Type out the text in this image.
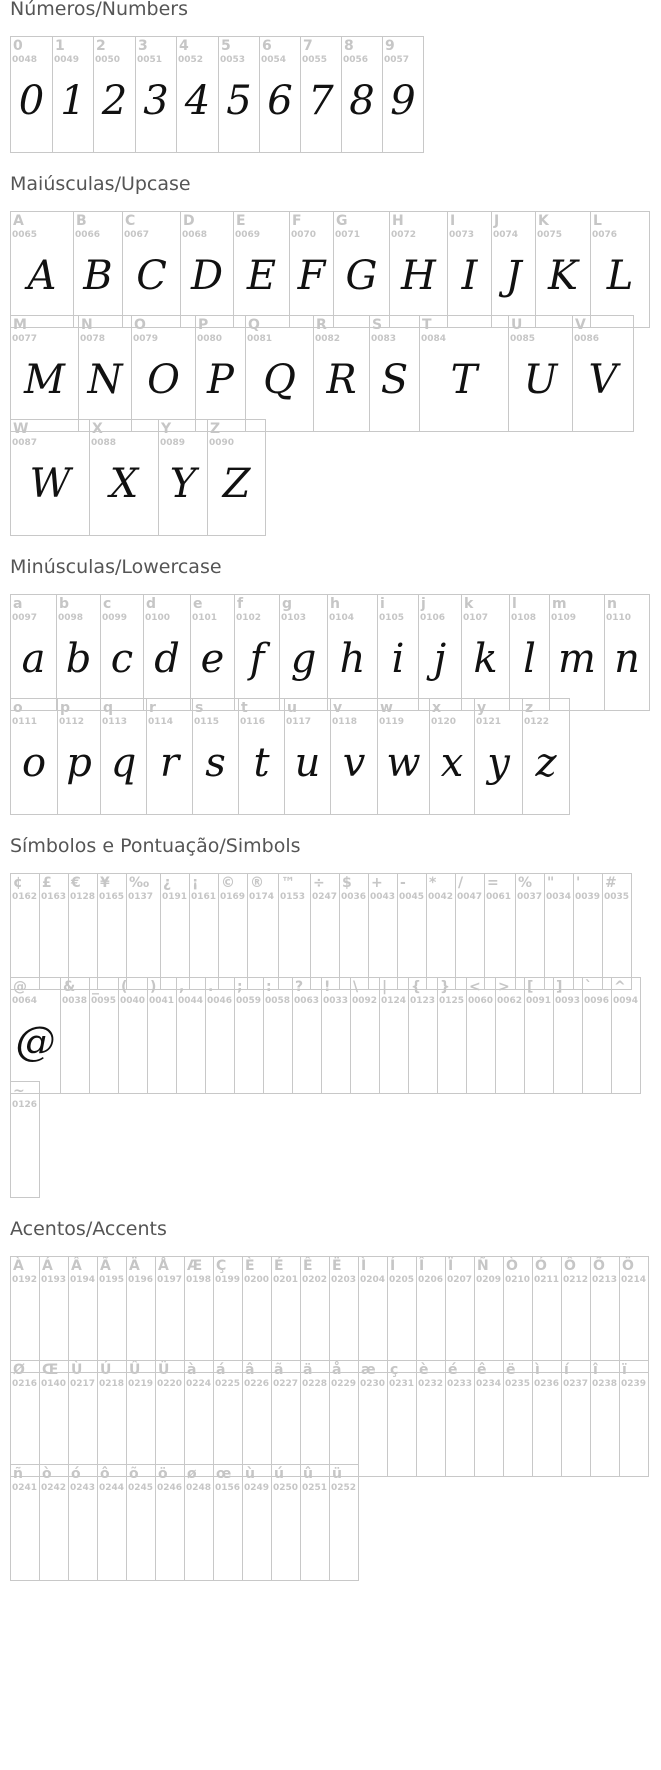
Números/Numbers
0
0048
0
1
0049
1
2
0050
2
3
0051
3
4
0052
4
5
0053
5
6
0054
6
7
0055
7
8
0056
8
9
0057
9
Maiúsculas/Upcase
A
0065
A
B
0066
B
C
0067
C
D
0068
D
E
0069
E
F
0070
F
G
0071
G
H
0072
H
I
0073
I
J
0074
J
K
0075
K
L
0076
L
M
0077
M
N
0078
N
O
0079
O
P
0080
P
Q
0081
Q
R
0082
R
S
0083
S
T
0084
T
U
0085
U
V
0086
V
W
0087
W
X
0088
X
Y
0089
Y
Z
0090
Z
Minúsculas/Lowercase
a
0097
a
b
0098
b
c
0099
c
d
0100
d
e
0101
e
f
0102
f
g
0103
g
h
0104
h
i
0105
i
j
0106
j
k
0107
k
l
0108
l
m
0109
m
n
0110
n
o
0111
o
p
0112
p
q
0113
q
r
0114
r
s
0115
s
t
0116
t
u
0117
u
v
0118
v
w
0119
w
x
0120
x
y
0121
y
z
0122
z
Símbolos e Pontuação/Simbols
¢
0162
£
0163
€
0128
¥
0165
‰
0137
¿
0191
¡
0161
©
0169
®
0174
™
0153
÷
0247
$
0036
+
0043
-
0045
*
0042
/
0047
=
0061
%
0037
"
0034
'
0039
#
0035
@
0064
@
&
0038
_
0095
(
0040
)
0041
,
0044
.
0046
;
0059
:
0058
?
0063
!
0033
\
0092
|
0124
{
0123
}
0125
<
0060
>
0062
[
0091
]
0093
`
0096
^
0094
~
0126
Acentos/Accents
À
0192
Á
0193
Â
0194
Ã
0195
Ä
0196
Å
0197
Æ
0198
Ç
0199
È
0200
É
0201
Ê
0202
Ë
0203
Ì
0204
Í
0205
Î
0206
Ï
0207
Ñ
0209
Ò
0210
Ó
0211
Ô
0212
Õ
0213
Ö
0214
Ø
0216
Œ
0140
Ù
0217
Ú
0218
Û
0219
Ü
0220
à
0224
á
0225
â
0226
ã
0227
ä
0228
å
0229
æ
0230
ç
0231
è
0232
é
0233
ê
0234
ë
0235
ì
0236
í
0237
î
0238
ï
0239
ñ
0241
ò
0242
ó
0243
ô
0244
õ
0245
ö
0246
ø
0248
œ
0156
ù
0249
ú
0250
û
0251
ü
0252
